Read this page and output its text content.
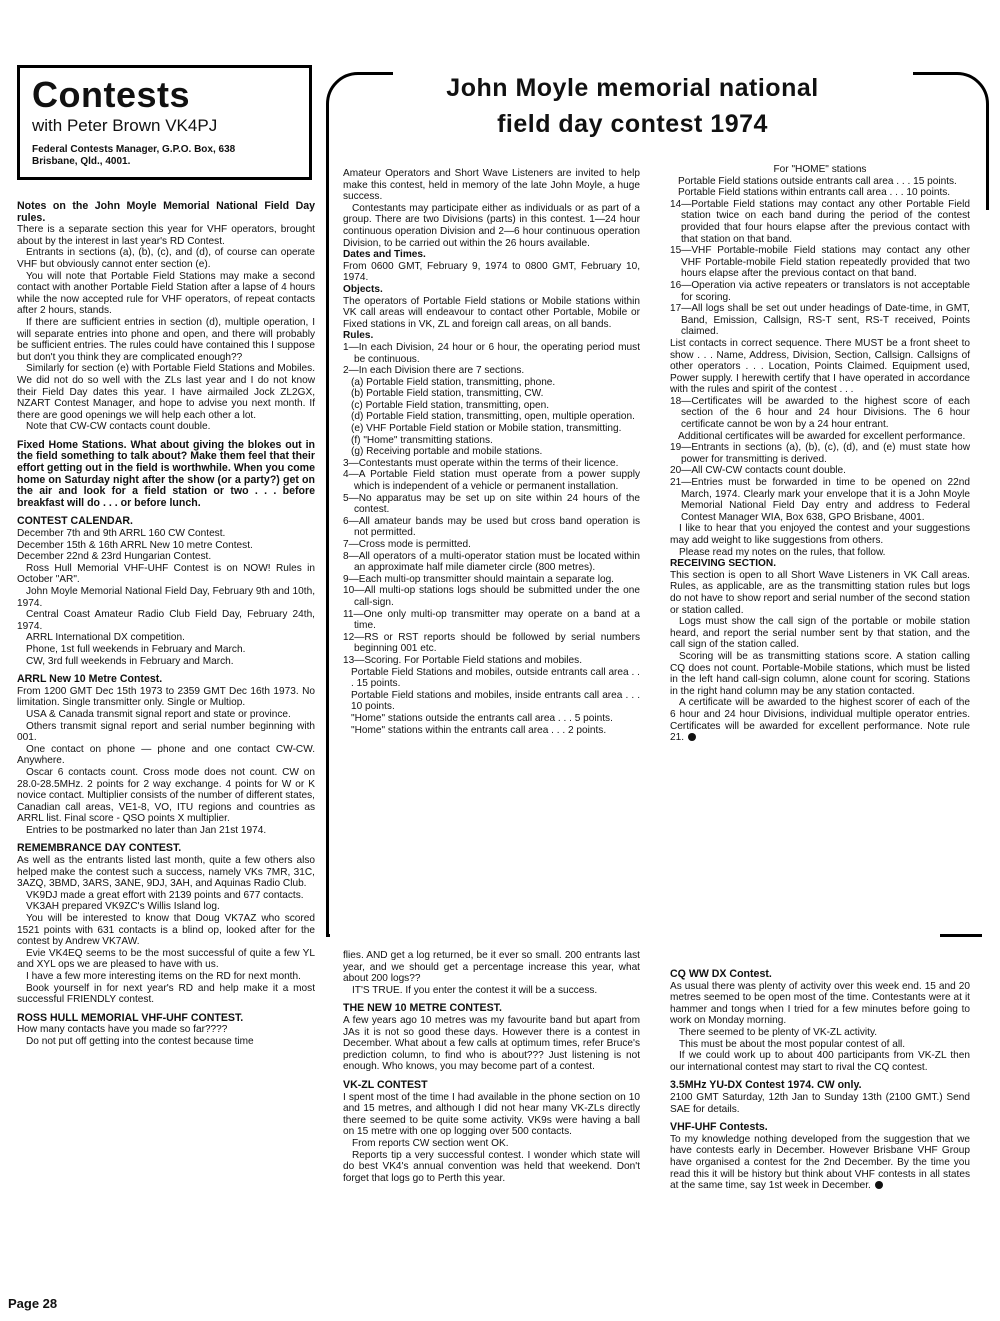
Contests
with Peter Brown VK4PJ
Federal Contests Manager, G.P.O. Box, 638
Brisbane, Qld., 4001.
John Moyle memorial national
field day contest 1974

Notes on the John Moyle Memorial National Field Day rules.

There is a separate section this year for VHF operators, brought about by the interest in last year's RD Contest.

Entrants in sections (a), (b), (c), and (d), of course can operate VHF but obviously cannot enter section (e).

You will note that Portable Field Stations may make a second contact with another Portable Field Station after a lapse of 4 hours while the now accepted rule for VHF operators, of repeat contacts after 2 hours, stands.

If there are sufficient entries in section (d), multiple operation, I will separate entries into phone and open, and there will probably be sufficient entries. The rules could have contained this I suppose but don't you think they are complicated enough??

Similarly for section (e) with Portable Field Stations and Mobiles. We did not do so well with the ZLs last year and I do not know their Field Day dates this year. I have airmailed Jock ZL2GX, NZART Contest Manager, and hope to advise you next month. If there are good openings we will help each other a lot.

Note that CW-CW contacts count double.

Fixed Home Stations. What about giving the blokes out in the field something to talk about? Make them feel that their effort getting out in the field is worthwhile. When you come home on Saturday night after the show (or a party?) get on the air and look for a field station or two . . . before breakfast will do . . . or before lunch.

CONTEST CALENDAR.

December 7th and 9th ARRL 160 CW Contest.

December 15th & 16th ARRL New 10 metre Contest.

December 22nd & 23rd Hungarian Contest.

Ross Hull Memorial VHF-UHF Contest is on NOW! Rules in October "AR".

John Moyle Memorial National Field Day, February 9th and 10th, 1974.

Central Coast Amateur Radio Club Field Day, February 24th, 1974.

ARRL International DX competition.

Phone, 1st full weekends in February and March.

CW, 3rd full weekends in February and March.

ARRL New 10 Metre Contest.

From 1200 GMT Dec 15th 1973 to 2359 GMT Dec 16th 1973. No limitation. Single transmitter only. Single or Multiop.

USA & Canada transmit signal report and state or province.

Others transmit signal report and serial number beginning with 001.

One contact on phone — phone and one contact CW-CW. Anywhere.

Oscar 6 contacts count. Cross mode does not count. CW on 28.0-28.5MHz. 2 points for 2 way exchange. 4 points for W or K novice contact. Multiplier consists of the number of different states, Canadian call areas, VE1-8, VO, ITU regions and countries as ARRL list. Final score - QSO points X multiplier.

Entries to be postmarked no later than Jan 21st 1974.

REMEMBRANCE DAY CONTEST.

As well as the entrants listed last month, quite a few others also helped make the contest such a success, namely VKs 7MR, 31C, 3AZQ, 3BMD, 3ARS, 3ANE, 9DJ, 3AH, and Aquinas Radio Club.

VK9DJ made a great effort with 2139 points and 677 contacts.

VK3AH prepared VK9ZC's Willis Island log.

You will be interested to know that Doug VK7AZ who scored 1521 points with 631 contacts is a blind op, looked after for the contest by Andrew VK7AW.

Evie VK4EQ seems to be the most successful of quite a few YL and XYL ops we are pleased to have with us.

I have a few more interesting items on the RD for next month.

Book yourself in for next year's RD and help make it a most successful FRIENDLY contest.

ROSS HULL MEMORIAL VHF-UHF CONTEST.

How many contacts have you made so far????

Do not put off getting into the contest because time

Amateur Operators and Short Wave Listeners are invited to help make this contest, held in memory of the late John Moyle, a huge success.

Contestants may participate either as individuals or as part of a group. There are two Divisions (parts) in this contest. 1—24 hour continuous operation Division and 2—6 hour continuous operation Division, to be carried out within the 26 hours available.

Dates and Times.

From 0600 GMT, February 9, 1974 to 0800 GMT, February 10, 1974.

Objects.

The operators of Portable Field stations or Mobile stations within VK call areas will endeavour to contact other Portable, Mobile or Fixed stations in VK, ZL and foreign call areas, on all bands.

Rules.

1—In each Division, 24 hour or 6 hour, the operating period must be continuous.

2—In each Division there are 7 sections.

(a) Portable Field station, transmitting, phone.

(b) Portable Field station, transmitting, CW.

(c) Portable Field station, transmitting, open.

(d) Portable Field station, transmitting, open, multiple operation.

(e) VHF Portable Field station or Mobile station, transmitting.

(f) "Home" transmitting stations.

(g) Receiving portable and mobile stations.

3—Contestants must operate within the terms of their licence.

4—A Portable Field station must operate from a power supply which is independent of a vehicle or permanent installation.

5—No apparatus may be set up on site within 24 hours of the contest.

6—All amateur bands may be used but cross band operation is not permitted.

7—Cross mode is permitted.

8—All operators of a multi-operator station must be located within an approximate half mile diameter circle (800 metres).

9—Each multi-op transmitter should maintain a separate log.

10—All multi-op stations logs should be submitted under the one call-sign.

11—One only multi-op transmitter may operate on a band at a time.

12—RS or RST reports should be followed by serial numbers beginning 001 etc.

13—Scoring. For Portable Field stations and mobiles.

Portable Field Stations and mobiles, outside entrants call area . . . 15 points.

Portable Field stations and mobiles, inside entrants call area . . . 10 points.

"Home" stations outside the entrants call area . . . 5 points.

"Home" stations within the entrants call area . . . 2 points.

For "HOME" stations

Portable Field stations outside entrants call area . . . 15 points.

Portable Field stations within entrants call area . . . 10 points.

14—Portable Field stations may contact any other Portable Field station twice on each band during the period of the contest provided that four hours elapse after the previous contact with that station on that band.

15—VHF Portable-mobile Field stations may contact any other VHF Portable-mobile Field station repeatedly provided that two hours elapse after the previous contact on that band.

16—Operation via active repeaters or translators is not acceptable for scoring.

17—All logs shall be set out under headings of Date-time, in GMT, Band, Emission, Callsign, RS-T sent, RS-T received, Points claimed.

List contacts in correct sequence. There MUST be a front sheet to show . . . Name, Address, Division, Section, Callsign. Callsigns of other operators . . . Location, Points Claimed. Equipment used, Power supply. I herewith certify that I have operated in accordance with the rules and spirit of the contest . . .

18—Certificates will be awarded to the highest score of each section of the 6 hour and 24 hour Divisions. The 6 hour certificate cannot be won by a 24 hour entrant.

Additional certificates will be awarded for excellent performance.

19—Entrants in sections (a), (b), (c), (d), and (e) must state how power for transmitting is derived.

20—All CW-CW contacts count double.

21—Entries must be forwarded in time to be opened on 22nd March, 1974. Clearly mark your envelope that it is a John Moyle Memorial National Field Day entry and address to Federal Contest Manager WIA, Box 638, GPO Brisbane, 4001.

I like to hear that you enjoyed the contest and your suggestions may add weight to like suggestions from others.

Please read my notes on the rules, that follow.

RECEIVING SECTION.

This section is open to all Short Wave Listeners in VK Call areas. Rules, as applicable, are as the transmitting station rules but logs do not have to show report and serial number of the second station or station called.

Logs must show the call sign of the portable or mobile station heard, and report the serial number sent by that station, and the call sign of the station called.

Scoring will be as transmitting stations score. A station calling CQ does not count. Portable-Mobile stations, which must be listed in the left hand call-sign column, alone count for scoring. Stations in the right hand column may be any station contacted.

A certificate will be awarded to the highest scorer of each of the 6 hour and 24 hour Divisions, individual multiple operator entries. Certificates will be awarded for excellent performance. Note rule 21.

flies. AND get a log returned, be it ever so small. 200 entrants last year, and we should get a percentage increase this year, what about 200 logs??

IT'S TRUE. If you enter the contest it will be a success.

THE NEW 10 METRE CONTEST.

A few years ago 10 metres was my favourite band but apart from JAs it is not so good these days. However there is a contest in December. What about a few calls at optimum times, refer Bruce's prediction column, to find who is about??? Just listening is not enough. Who knows, you may become part of a contest.

VK-ZL CONTEST

I spent most of the time I had available in the phone section on 10 and 15 metres, and although I did not hear many VK-ZLs directly there seemed to be quite some activity. VK9s were having a ball on 15 metre with one op logging over 500 contacts.

From reports CW section went OK.

Reports tip a very successful contest. I wonder which state will do best VK4's annual convention was held that weekend. Don't forget that logs go to Perth this year.

CQ WW DX Contest.

As usual there was plenty of activity over this week end. 15 and 20 metres seemed to be open most of the time. Contestants were at it hammer and tongs when I tried for a few minutes before going to work on Monday morning.

There seemed to be plenty of VK-ZL activity.

This must be about the most popular contest of all.

If we could work up to about 400 participants from VK-ZL then our international contest may start to rival the CQ contest.

3.5MHz YU-DX Contest 1974. CW only.

2100 GMT Saturday, 12th Jan to Sunday 13th (2100 GMT.) Send SAE for details.

VHF-UHF Contests.

To my knowledge nothing developed from the suggestion that we have contests early in December. However Brisbane VHF Group have organised a contest for the 2nd December. By the time you read this it will be history but think about VHF contests in all states at the same time, say 1st week in December.

Page 28
